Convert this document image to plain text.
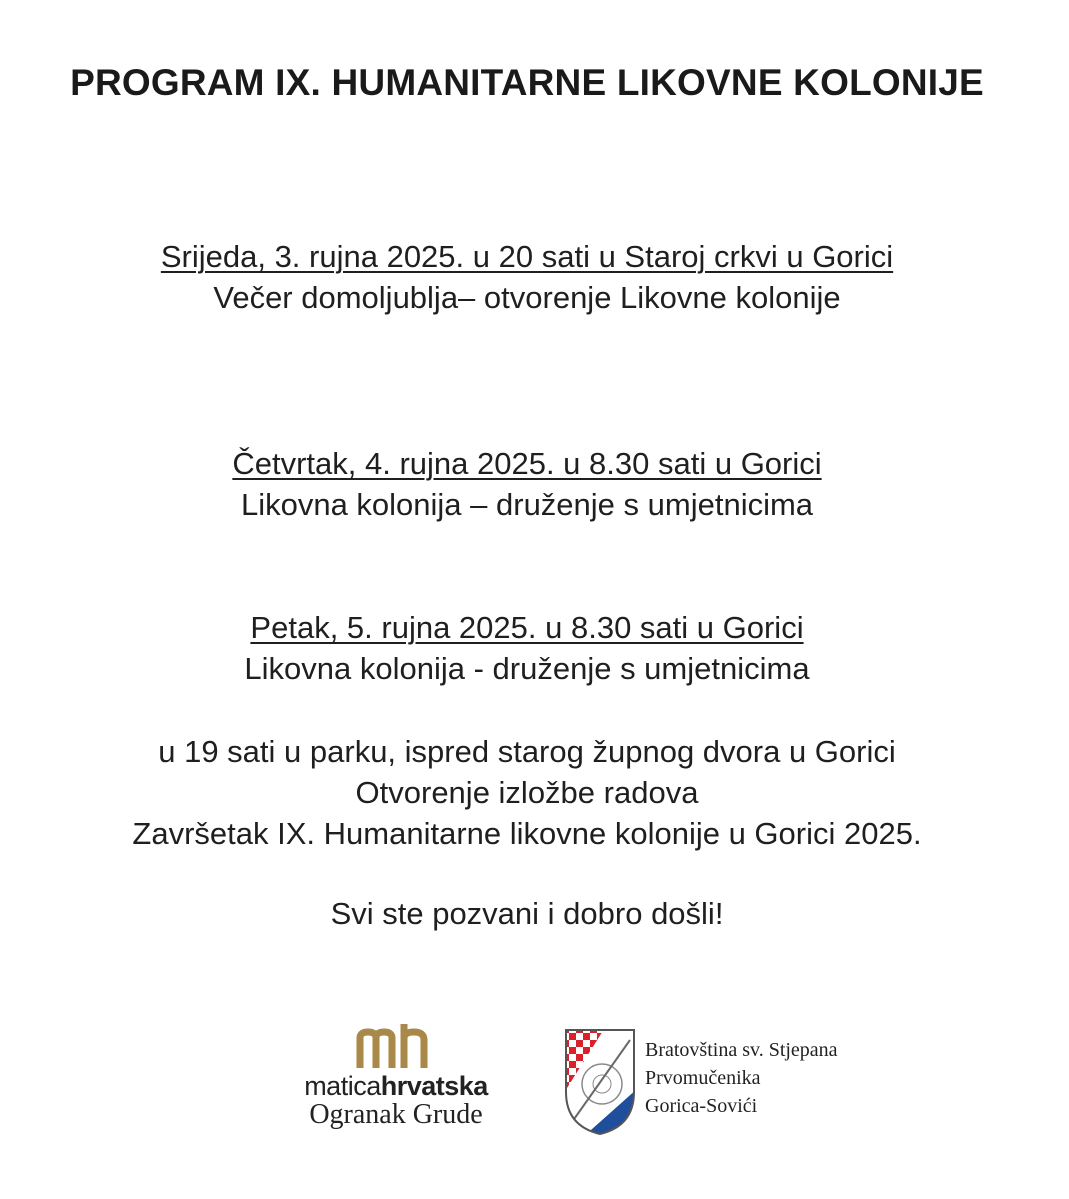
PROGRAM IX. HUMANITARNE LIKOVNE KOLONIJE
Srijeda, 3. rujna 2025. u 20 sati u Staroj crkvi u Gorici
Večer domoljublja– otvorenje Likovne kolonije
Četvrtak, 4. rujna 2025. u 8.30 sati u Gorici
Likovna kolonija – druženje s umjetnicima
Petak, 5. rujna 2025. u 8.30 sati u Gorici
Likovna kolonija - druženje s umjetnicima
u 19 sati u parku, ispred starog župnog dvora u Gorici
Otvorenje izložbe radova
Završetak IX. Humanitarne likovne kolonije u Gorici 2025.
Svi ste pozvani i dobro došli!
maticahrvatska
Ogranak Grude
Bratovština sv. Stjepana
Prvomučenika
Gorica-Sovići
